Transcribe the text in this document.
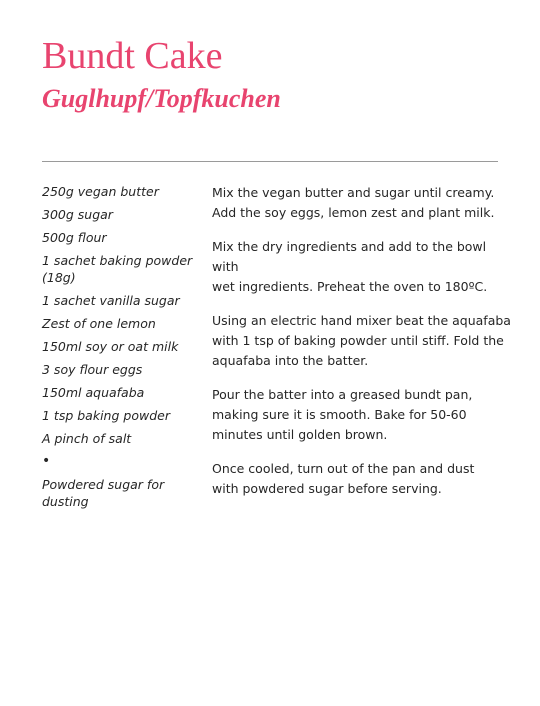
Bundt Cake
Guglhupf/Topfkuchen
250g vegan butter
300g sugar
500g flour
1 sachet baking powder (18g)
1 sachet vanilla sugar
Zest of one lemon
150ml soy or oat milk
3 soy flour eggs
150ml aquafaba
1 tsp baking powder
A pinch of salt
•
Powdered sugar for dusting

Mix the vegan butter and sugar until creamy.
Add the soy eggs, lemon zest and plant milk.

Mix the dry ingredients and add to the bowl
with
wet ingredients. Preheat the oven to 180ºC.

Using an electric hand mixer beat the aquafaba
with 1 tsp of baking powder until stiff. Fold the
aquafaba into the batter.

Pour the batter into a greased bundt pan,
making sure it is smooth. Bake for 50-60
minutes until golden brown.

Once cooled, turn out of the pan and dust
with powdered sugar before serving.
